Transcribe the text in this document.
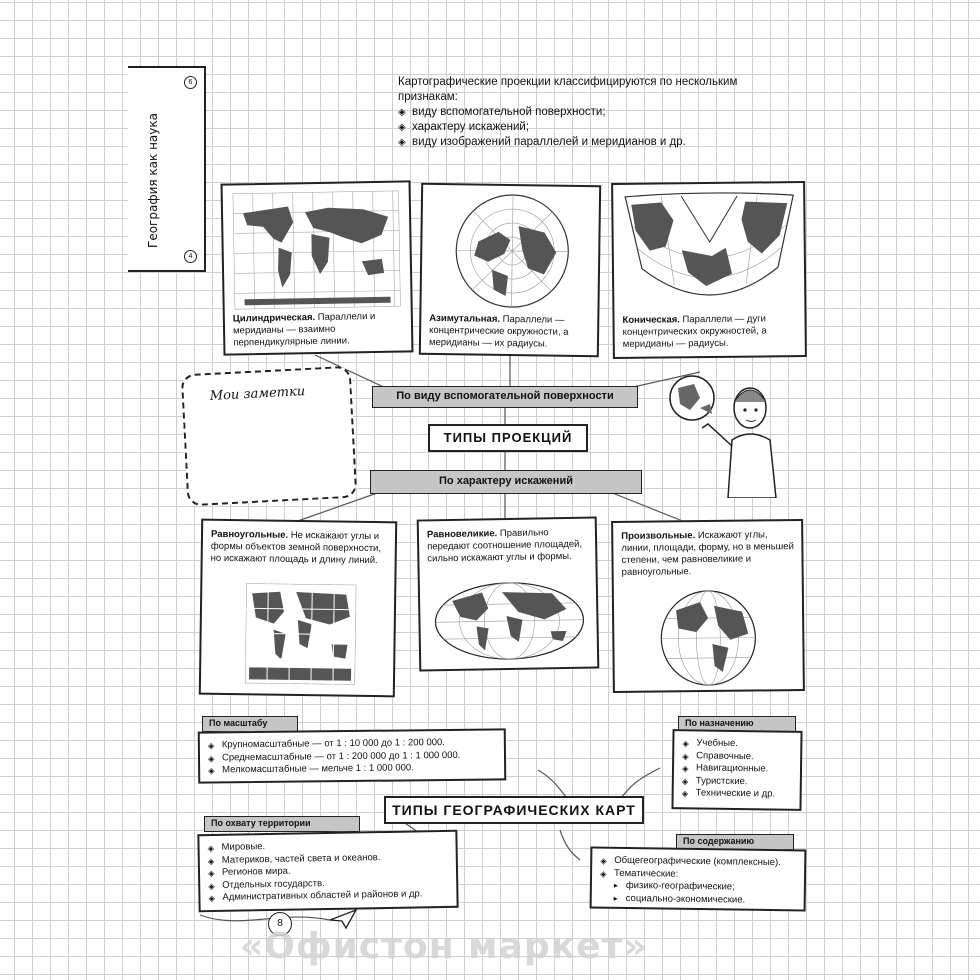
География как наука
6
4
Картографические проекции классифицируются по нескольким признакам:
◈ виду вспомогательной поверхности;
◈ характеру искажений;
◈ виду изображений параллелей и меридианов и др.
Цилиндрическая. Параллели и меридианы — взаимно перпендикулярные линии.
Азимутальная. Параллели — концентрические окружности, а меридианы — их радиусы.
Коническая. Параллели — дуги концентрических окружностей, а меридианы — радиусы.
Мои заметки	По виду вспомогательной поверхности
ТИПЫ ПРОЕКЦИЙ
По характеру искажений
Равноугольные. Не искажают углы и формы объектов земной поверхности, но искажают площадь и длину линий.
Равновеликие. Правильно передают соотношение площадей, сильно искажают углы и формы.
Произвольные. Искажают углы, линии, площади, форму, но в меньшей степени, чем равновеликие и равноугольные.
По масштабу
◈ Крупномасштабные — от 1 : 10 000 до 1 : 200 000.
◈ Среднемасштабные — от 1 : 200 000 до 1 : 1 000 000.
◈ Мелкомасштабные — мельче 1 : 1 000 000.
По назначению
◈ Учебные.
◈ Справочные.
◈ Навигационные.
◈ Туристские.
◈ Технические и др.
ТИПЫ ГЕОГРАФИЧЕСКИХ КАРТ
По охвату территории
◈ Мировые.
◈ Материков, частей света и океанов.
◈ Регионов мира.
◈ Отдельных государств.
◈ Административных областей и районов и др.
По содержанию
◈ Общегеографические (комплексные).
◈ Тематические:
▸ физико-географические;
▸ социально-экономические.
8
«Офистон маркет»
